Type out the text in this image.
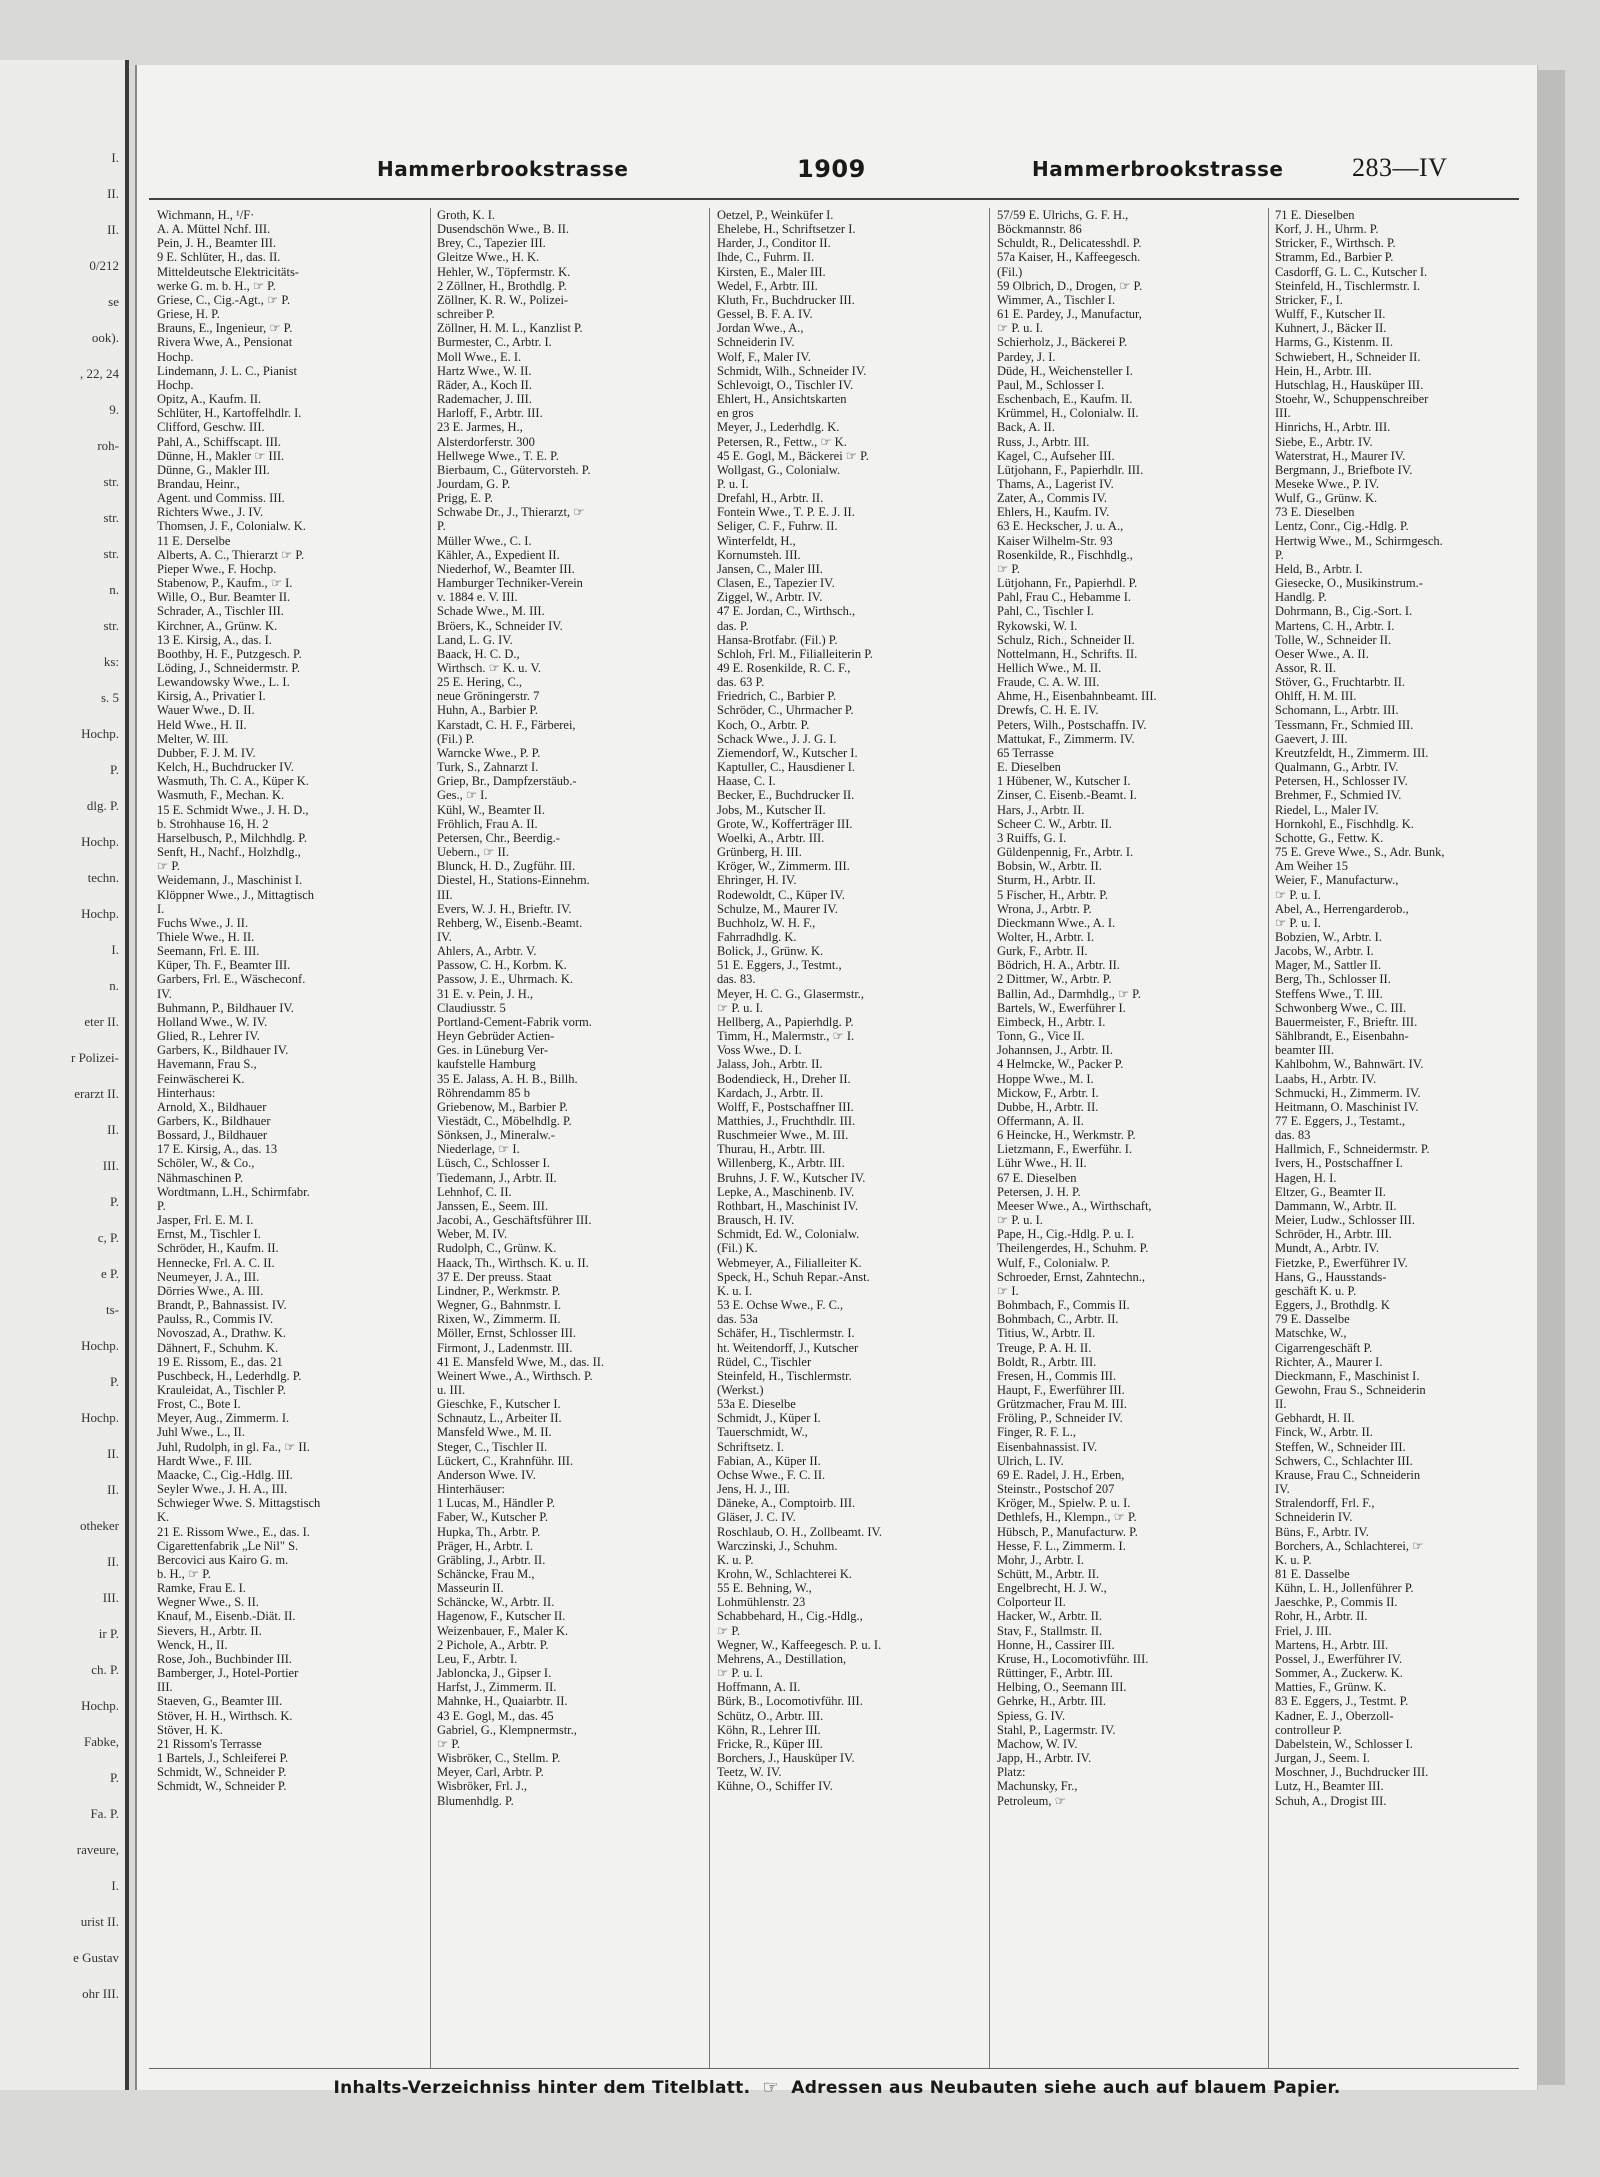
I.
II.
II.
0/212
se
ook).
, 22, 24
9.
roh-
str.
str.
str.
n.
str.
ks:
s. 5
Hochp.
P.
dlg. P.
Hochp.
techn.
Hochp.
I.
n.
eter II.
r Polizei-
erarzt II.
II.
III.
P.
c, P.
e P.
ts-
Hochp.
P.
Hochp.
II.
II.
otheker
II.
III.
ir P.
ch. P.
Hochp.
Fabke,
P.
Fa. P.
raveure,
I.
urist II.
e Gustav
ohr III.
Hammerbrookstrasse	1909	Hammerbrookstrasse	283—IV
Wichmann, H., ¹/F·
A. A. Müttel Nchf. III.
Pein, J. H., Beamter III.
9 E. Schlüter, H., das. II.
Mitteldeutsche Elektricitäts-
werke G. m. b. H., ☞ P.
Griese, C., Cig.-Agt., ☞ P.
Griese, H. P.
Brauns, E., Ingenieur, ☞ P.
Rivera Wwe, A., Pensionat
Hochp.
Lindemann, J. L. C., Pianist
Hochp.
Opitz, A., Kaufm. II.
Schlüter, H., Kartoffelhdlr. I.
Clifford, Geschw. III.
Pahl, A., Schiffscapt. III.
Dünne, H., Makler ☞ III.
Dünne, G., Makler III.
Brandau, Heinr.,
Agent. und Commiss. III.
Richters Wwe., J. IV.
Thomsen, J. F., Colonialw. K.
11 E. Derselbe
Alberts, A. C., Thierarzt ☞ P.
Pieper Wwe., F. Hochp.
Stabenow, P., Kaufm., ☞ I.
Wille, O., Bur. Beamter II.
Schrader, A., Tischler III.
Kirchner, A., Grünw. K.
13 E. Kirsig, A., das. I.
Boothby, H. F., Putzgesch. P.
Löding, J., Schneidermstr. P.
Lewandowsky Wwe., L. I.
Kirsig, A., Privatier I.
Wauer Wwe., D. II.
Held Wwe., H. II.
Melter, W. III.
Dubber, F. J. M. IV.
Kelch, H., Buchdrucker IV.
Wasmuth, Th. C. A., Küper K.
Wasmuth, F., Mechan. K.
15 E. Schmidt Wwe., J. H. D.,
b. Strohhause 16, H. 2
Harselbusch, P., Milchhdlg. P.
Senft, H., Nachf., Holzhdlg.,
☞ P.
Weidemann, J., Maschinist I.
Klöppner Wwe., J., Mittagtisch
I.
Fuchs Wwe., J. II.
Thiele Wwe., H. II.
Seemann, Frl. E. III.
Küper, Th. F., Beamter III.
Garbers, Frl. E., Wäscheconf.
IV.
Buhmann, P., Bildhauer IV.
Holland Wwe., W. IV.
Glied, R., Lehrer IV.
Garbers, K., Bildhauer IV.
Havemann, Frau S.,
Feinwäscherei K.
Hinterhaus:
Arnold, X., Bildhauer
Garbers, K., Bildhauer
Bossard, J., Bildhauer
17 E. Kirsig, A., das. 13
Schöler, W., & Co.,
Nähmaschinen P.
Wordtmann, L.H., Schirmfabr.
P.
Jasper, Frl. E. M. I.
Ernst, M., Tischler I.
Schröder, H., Kaufm. II.
Hennecke, Frl. A. C. II.
Neumeyer, J. A., III.
Dörries Wwe., A. III.
Brandt, P., Bahnassist. IV.
Paulss, R., Commis IV.
Novoszad, A., Drathw. K.
Dähnert, F., Schuhm. K.
19 E. Rissom, E., das. 21
Puschbeck, H., Lederhdlg. P.
Krauleidat, A., Tischler P.
Frost, C., Bote I.
Meyer, Aug., Zimmerm. I.
Juhl Wwe., L., II.
Juhl, Rudolph, in gl. Fa., ☞ II.
Hardt Wwe., F. III.
Maacke, C., Cig.-Hdlg. III.
Seyler Wwe., J. H. A., III.
Schwieger Wwe. S. Mittagstisch
K.
21 E. Rissom Wwe., E., das. I.
Cigarettenfabrik „Le Nil" S.
Bercovici aus Kairo G. m.
b. H., ☞ P.
Ramke, Frau E. I.
Wegner Wwe., S. II.
Knauf, M., Eisenb.-Diät. II.
Sievers, H., Arbtr. II.
Wenck, H., II.
Rose, Joh., Buchbinder III.
Bamberger, J., Hotel-Portier
III.
Staeven, G., Beamter III.
Stöver, H. H., Wirthsch. K.
Stöver, H. K.
21 Rissom's Terrasse
1 Bartels, J., Schleiferei P.
Schmidt, W., Schneider P.
Schmidt, W., Schneider P.
Groth, K. I.
Dusendschön Wwe., B. II.
Brey, C., Tapezier III.
Gleitze Wwe., H. K.
Hehler, W., Töpfermstr. K.
2 Zöllner, H., Brothdlg. P.
Zöllner, K. R. W., Polizei-
schreiber P.
Zöllner, H. M. L., Kanzlist P.
Burmester, C., Arbtr. I.
Moll Wwe., E. I.
Hartz Wwe., W. II.
Räder, A., Koch II.
Rademacher, J. III.
Harloff, F., Arbtr. III.
23 E. Jarmes, H.,
Alsterdorferstr. 300
Hellwege Wwe., T. E. P.
Bierbaum, C., Gütervorsteh. P.
Jourdam, G. P.
Prigg, E. P.
Schwabe Dr., J., Thierarzt, ☞
P.
Müller Wwe., C. I.
Kähler, A., Expedient II.
Niederhof, W., Beamter III.
Hamburger Techniker-Verein
v. 1884 e. V. III.
Schade Wwe., M. III.
Bröers, K., Schneider IV.
Land, L. G. IV.
Baack, H. C. D.,
Wirthsch. ☞ K. u. V.
25 E. Hering, C.,
neue Gröningerstr. 7
Huhn, A., Barbier P.
Karstadt, C. H. F., Färberei,
(Fil.) P.
Warncke Wwe., P. P.
Turk, S., Zahnarzt I.
Griep, Br., Dampfzerstäub.-
Ges., ☞ I.
Kühl, W., Beamter II.
Fröhlich, Frau A. II.
Petersen, Chr., Beerdig.-
Uebern., ☞ II.
Blunck, H. D., Zugführ. III.
Diestel, H., Stations-Einnehm.
III.
Evers, W. J. H., Brieftr. IV.
Rehberg, W., Eisenb.-Beamt.
IV.
Ahlers, A., Arbtr. V.
Passow, C. H., Korbm. K.
Passow, J. E., Uhrmach. K.
31 E. v. Pein, J. H.,
Claudiusstr. 5
Portland-Cement-Fabrik vorm.
Heyn Gebrüder Actien-
Ges. in Lüneburg Ver-
kaufstelle Hamburg
35 E. Jalass, A. H. B., Billh.
Röhrendamm 85 b
Griebenow, M., Barbier P.
Viestädt, C., Möbelhdlg. P.
Sönksen, J., Mineralw.-
Niederlage, ☞ I.
Lüsch, C., Schlosser I.
Tiedemann, J., Arbtr. II.
Lehnhof, C. II.
Janssen, E., Seem. III.
Jacobi, A., Geschäftsführer III.
Weber, M. IV.
Rudolph, C., Grünw. K.
Haack, Th., Wirthsch. K. u. II.
37 E. Der preuss. Staat
Lindner, P., Werkmstr. P.
Wegner, G., Bahnmstr. I.
Rixen, W., Zimmerm. II.
Möller, Ernst, Schlosser III.
Firmont, J., Ladenmstr. III.
41 E. Mansfeld Wwe, M., das. II.
Weinert Wwe., A., Wirthsch. P.
u. III.
Gieschke, F., Kutscher I.
Schnautz, L., Arbeiter II.
Mansfeld Wwe., M. II.
Steger, C., Tischler II.
Lückert, C., Krahnführ. III.
Anderson Wwe. IV.
Hinterhäuser:
1 Lucas, M., Händler P.
Faber, W., Kutscher P.
Hupka, Th., Arbtr. P.
Präger, H., Arbtr. I.
Gräbling, J., Arbtr. II.
Schäncke, Frau M.,
Masseurin II.
Schäncke, W., Arbtr. II.
Hagenow, F., Kutscher II.
Weizenbauer, F., Maler K.
2 Pichole, A., Arbtr. P.
Leu, F., Arbtr. I.
Jabloncka, J., Gipser I.
Harfst, J., Zimmerm. II.
Mahnke, H., Quaiarbtr. II.
43 E. Gogl, M., das. 45
Gabriel, G., Klempnermstr.,
☞ P.
Wisbröker, C., Stellm. P.
Meyer, Carl, Arbtr. P.
Wisbröker, Frl. J.,
Blumenhdlg. P.
Oetzel, P., Weinküfer I.
Ehelebe, H., Schriftsetzer I.
Harder, J., Conditor II.
Ihde, C., Fuhrm. II.
Kirsten, E., Maler III.
Wedel, F., Arbtr. III.
Kluth, Fr., Buchdrucker III.
Gessel, B. F. A. IV.
Jordan Wwe., A.,
Schneiderin IV.
Wolf, F., Maler IV.
Schmidt, Wilh., Schneider IV.
Schlevoigt, O., Tischler IV.
Ehlert, H., Ansichtskarten
en gros
Meyer, J., Lederhdlg. K.
Petersen, R., Fettw., ☞ K.
45 E. Gogl, M., Bäckerei ☞ P.
Wollgast, G., Colonialw.
P. u. I.
Drefahl, H., Arbtr. II.
Fontein Wwe., T. P. E. J. II.
Seliger, C. F., Fuhrw. II.
Winterfeldt, H.,
Kornumsteh. III.
Jansen, C., Maler III.
Clasen, E., Tapezier IV.
Ziggel, W., Arbtr. IV.
47 E. Jordan, C., Wirthsch.,
das. P.
Hansa-Brotfabr. (Fil.) P.
Schloh, Frl. M., Filialleiterin P.
49 E. Rosenkilde, R. C. F.,
das. 63 P.
Friedrich, C., Barbier P.
Schröder, C., Uhrmacher P.
Koch, O., Arbtr. P.
Schack Wwe., J. J. G. I.
Ziemendorf, W., Kutscher I.
Kaptuller, C., Hausdiener I.
Haase, C. I.
Becker, E., Buchdrucker II.
Jobs, M., Kutscher II.
Grote, W., Kofferträger III.
Woelki, A., Arbtr. III.
Grünberg, H. III.
Kröger, W., Zimmerm. III.
Ehringer, H. IV.
Rodewoldt, C., Küper IV.
Schulze, M., Maurer IV.
Buchholz, W. H. F.,
Fahrradhdlg. K.
Bolick, J., Grünw. K.
51 E. Eggers, J., Testmt.,
das. 83.
Meyer, H. C. G., Glasermstr.,
☞ P. u. I.
Hellberg, A., Papierhdlg. P.
Timm, H., Malermstr., ☞ I.
Voss Wwe., D. I.
Jalass, Joh., Arbtr. II.
Bodendieck, H., Dreher II.
Kardach, J., Arbtr. II.
Wolff, F., Postschaffner III.
Matthies, J., Fruchthdlr. III.
Ruschmeier Wwe., M. III.
Thurau, H., Arbtr. III.
Willenberg, K., Arbtr. III.
Bruhns, J. F. W., Kutscher IV.
Lepke, A., Maschinenb. IV.
Rothbart, H., Maschinist IV.
Brausch, H. IV.
Schmidt, Ed. W., Colonialw.
(Fil.) K.
Webmeyer, A., Filialleiter K.
Speck, H., Schuh Repar.-Anst.
K. u. I.
53 E. Ochse Wwe., F. C.,
das. 53a
Schäfer, H., Tischlermstr. I.
ht. Weitendorff, J., Kutscher
Rüdel, C., Tischler
Steinfeld, H., Tischlermstr.
(Werkst.)
53a E. Dieselbe
Schmidt, J., Küper I.
Tauerschmidt, W.,
Schriftsetz. I.
Fabian, A., Küper II.
Ochse Wwe., F. C. II.
Jens, H. J., III.
Däneke, A., Comptoirb. III.
Gläser, J. C. IV.
Roschlaub, O. H., Zollbeamt. IV.
Warczinski, J., Schuhm.
K. u. P.
Krohn, W., Schlachterei K.
55 E. Behning, W.,
Lohmühlenstr. 23
Schabbehard, H., Cig.-Hdlg.,
☞ P.
Wegner, W., Kaffeegesch. P. u. I.
Mehrens, A., Destillation,
☞ P. u. I.
Hoffmann, A. II.
Bürk, B., Locomotivführ. III.
Schütz, O., Arbtr. III.
Köhn, R., Lehrer III.
Fricke, R., Küper III.
Borchers, J., Hausküper IV.
Teetz, W. IV.
Kühne, O., Schiffer IV.
57/59 E. Ulrichs, G. F. H.,
Böckmannstr. 86
Schuldt, R., Delicatesshdl. P.
57a Kaiser, H., Kaffeegesch.
(Fil.)
59 Olbrich, D., Drogen, ☞ P.
Wimmer, A., Tischler I.
61 E. Pardey, J., Manufactur,
☞ P. u. I.
Schierholz, J., Bäckerei P.
Pardey, J. I.
Düde, H., Weichensteller I.
Paul, M., Schlosser I.
Eschenbach, E., Kaufm. II.
Krümmel, H., Colonialw. II.
Back, A. II.
Russ, J., Arbtr. III.
Kagel, C., Aufseher III.
Lütjohann, F., Papierhdlr. III.
Thams, A., Lagerist IV.
Zater, A., Commis IV.
Ehlers, H., Kaufm. IV.
63 E. Heckscher, J. u. A.,
Kaiser Wilhelm-Str. 93
Rosenkilde, R., Fischhdlg.,
☞ P.
Lütjohann, Fr., Papierhdl. P.
Pahl, Frau C., Hebamme I.
Pahl, C., Tischler I.
Rykowski, W. I.
Schulz, Rich., Schneider II.
Nottelmann, H., Schrifts. II.
Hellich Wwe., M. II.
Fraude, C. A. W. III.
Ahme, H., Eisenbahnbeamt. III.
Drewfs, C. H. E. IV.
Peters, Wilh., Postschaffn. IV.
Mattukat, F., Zimmerm. IV.
65 Terrasse
E. Dieselben
1 Hübener, W., Kutscher I.
Zinser, C. Eisenb.-Beamt. I.
Hars, J., Arbtr. II.
Scheer C. W., Arbtr. II.
3 Ruiffs, G. I.
Güldenpennig, Fr., Arbtr. I.
Bobsin, W., Arbtr. II.
Sturm, H., Arbtr. II.
5 Fischer, H., Arbtr. P.
Wrona, J., Arbtr. P.
Dieckmann Wwe., A. I.
Wolter, H., Arbtr. I.
Gurk, F., Arbtr. II.
Bödrich, H. A., Arbtr. II.
2 Dittmer, W., Arbtr. P.
Ballin, Ad., Darmhdlg., ☞ P.
Bartels, W., Ewerführer I.
Eimbeck, H., Arbtr. I.
Tonn, G., Vice II.
Johannsen, J., Arbtr. II.
4 Helmcke, W., Packer P.
Hoppe Wwe., M. I.
Mickow, F., Arbtr. I.
Dubbe, H., Arbtr. II.
Offermann, A. II.
6 Heincke, H., Werkmstr. P.
Lietzmann, F., Ewerführ. I.
Lühr Wwe., H. II.
67 E. Dieselben
Petersen, J. H. P.
Meeser Wwe., A., Wirthschaft,
☞ P. u. I.
Pape, H., Cig.-Hdlg. P. u. I.
Theilengerdes, H., Schuhm. P.
Wulf, F., Colonialw. P.
Schroeder, Ernst, Zahntechn.,
☞ I.
Bohmbach, F., Commis II.
Bohmbach, C., Arbtr. II.
Titius, W., Arbtr. II.
Treuge, P. A. H. II.
Boldt, R., Arbtr. III.
Fresen, H., Commis III.
Haupt, F., Ewerführer III.
Grützmacher, Frau M. III.
Fröling, P., Schneider IV.
Finger, R. F. L.,
Eisenbahnassist. IV.
Ulrich, L. IV.
69 E. Radel, J. H., Erben,
Steinstr., Postschof 207
Kröger, M., Spielw. P. u. I.
Dethlefs, H., Klempn., ☞ P.
Hübsch, P., Manufacturw. P.
Hesse, F. L., Zimmerm. I.
Mohr, J., Arbtr. I.
Schütt, M., Arbtr. II.
Engelbrecht, H. J. W.,
Colporteur II.
Hacker, W., Arbtr. II.
Stav, F., Stallmstr. II.
Honne, H., Cassirer III.
Kruse, H., Locomotivführ. III.
Rüttinger, F., Arbtr. III.
Helbing, O., Seemann III.
Gehrke, H., Arbtr. III.
Spiess, G. IV.
Stahl, P., Lagermstr. IV.
Machow, W. IV.
Japp, H., Arbtr. IV.
Platz:
Machunsky, Fr.,
Petroleum, ☞
71 E. Dieselben
Korf, J. H., Uhrm. P.
Stricker, F., Wirthsch. P.
Stramm, Ed., Barbier P.
Casdorff, G. L. C., Kutscher I.
Steinfeld, H., Tischlermstr. I.
Stricker, F., I.
Wulff, F., Kutscher II.
Kuhnert, J., Bäcker II.
Harms, G., Kistenm. II.
Schwiebert, H., Schneider II.
Hein, H., Arbtr. III.
Hutschlag, H., Hausküper III.
Stoehr, W., Schuppenschreiber
III.
Hinrichs, H., Arbtr. III.
Siebe, E., Arbtr. IV.
Waterstrat, H., Maurer IV.
Bergmann, J., Briefbote IV.
Meseke Wwe., P. IV.
Wulf, G., Grünw. K.
73 E. Dieselben
Lentz, Conr., Cig.-Hdlg. P.
Hertwig Wwe., M., Schirmgesch.
P.
Held, B., Arbtr. I.
Giesecke, O., Musikinstrum.-
Handlg. P.
Dohrmann, B., Cig.-Sort. I.
Martens, C. H., Arbtr. I.
Tolle, W., Schneider II.
Oeser Wwe., A. II.
Assor, R. II.
Stöver, G., Fruchtarbtr. II.
Ohlff, H. M. III.
Schomann, L., Arbtr. III.
Tessmann, Fr., Schmied III.
Gaevert, J. III.
Kreutzfeldt, H., Zimmerm. III.
Qualmann, G., Arbtr. IV.
Petersen, H., Schlosser IV.
Brehmer, F., Schmied IV.
Riedel, L., Maler IV.
Hornkohl, E., Fischhdlg. K.
Schotte, G., Fettw. K.
75 E. Greve Wwe., S., Adr. Bunk,
Am Weiher 15
Weier, F., Manufacturw.,
☞ P. u. I.
Abel, A., Herrengarderob.,
☞ P. u. I.
Bobzien, W., Arbtr. I.
Jacobs, W., Arbtr. I.
Mager, M., Sattler II.
Berg, Th., Schlosser II.
Steffens Wwe., T. III.
Schwonberg Wwe., C. III.
Bauermeister, F., Brieftr. III.
Sählbrandt, E., Eisenbahn-
beamter III.
Kahlbohm, W., Bahnwärt. IV.
Laabs, H., Arbtr. IV.
Schmucki, H., Zimmerm. IV.
Heitmann, O. Maschinist IV.
77 E. Eggers, J., Testamt.,
das. 83
Hallmich, F., Schneidermstr. P.
Ivers, H., Postschaffner I.
Hagen, H. I.
Eltzer, G., Beamter II.
Dammann, W., Arbtr. II.
Meier, Ludw., Schlosser III.
Schröder, H., Arbtr. III.
Mundt, A., Arbtr. IV.
Fietzke, P., Ewerführer IV.
Hans, G., Hausstands-
geschäft K. u. P.
Eggers, J., Brothdlg. K
79 E. Dasselbe
Matschke, W.,
Cigarrengeschäft P.
Richter, A., Maurer I.
Dieckmann, F., Maschinist I.
Gewohn, Frau S., Schneiderin
II.
Gebhardt, H. II.
Finck, W., Arbtr. II.
Steffen, W., Schneider III.
Schwers, C., Schlachter III.
Krause, Frau C., Schneiderin
IV.
Stralendorff, Frl. F.,
Schneiderin IV.
Büns, F., Arbtr. IV.
Borchers, A., Schlachterei, ☞
K. u. P.
81 E. Dasselbe
Kühn, L. H., Jollenführer P.
Jaeschke, P., Commis II.
Rohr, H., Arbtr. II.
Friel, J. III.
Martens, H., Arbtr. III.
Possel, J., Ewerführer IV.
Sommer, A., Zuckerw. K.
Matties, F., Grünw. K.
83 E. Eggers, J., Testmt. P.
Kadner, E. J., Oberzoll-
controlleur P.
Dabelstein, W., Schlosser I.
Jurgan, J., Seem. I.
Moschner, J., Buchdrucker III.
Lutz, H., Beamter III.
Schuh, A., Drogist III.
Inhalts-Verzeichniss hinter dem Titelblatt. ☞ Adressen aus Neubauten siehe auch auf blauem Papier.
